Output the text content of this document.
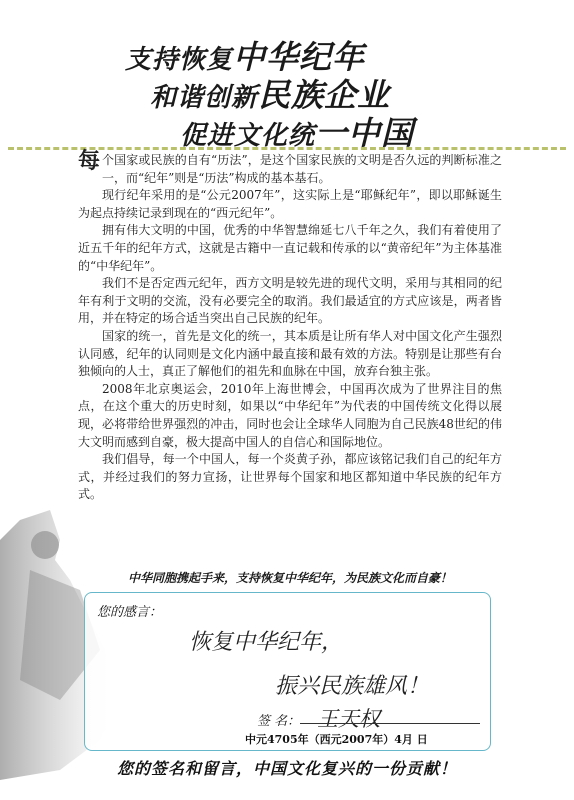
支持恢复中华纪年
和谐创新民族企业
促进文化统一中国

每个国家或民族的自有“历法”，是这个国家民族的文明是否久远的判断标准之一，而“纪年”则是“历法”构成的基本基石。

现行纪年采用的是“公元2007年”，这实际上是“耶稣纪年”，即以耶稣诞生为起点持续记录到现在的“西元纪年”。

拥有伟大文明的中国，优秀的中华智慧绵延七八千年之久，我们有着使用了近五千年的纪年方式，这就是古籍中一直记载和传承的以“黄帝纪年”为主体基准的“中华纪年”。

我们不是否定西元纪年，西方文明是较先进的现代文明，采用与其相同的纪年有利于文明的交流，没有必要完全的取消。我们最适宜的方式应该是，两者皆用，并在特定的场合适当突出自己民族的纪年。

国家的统一，首先是文化的统一，其本质是让所有华人对中国文化产生强烈认同感，纪年的认同则是文化内涵中最直接和最有效的方法。特别是让那些有台独倾向的人士，真正了解他们的祖先和血脉在中国，放弃台独主张。

2008年北京奥运会，2010年上海世博会，中国再次成为了世界注目的焦点，在这个重大的历史时刻，如果以“中华纪年”为代表的中国传统文化得以展现，必将带给世界强烈的冲击，同时也会让全球华人同胞为自己民族48世纪的伟大文明而感到自豪，极大提高中国人的自信心和国际地位。

我们倡导，每一个中国人，每一个炎黄子孙，都应该铭记我们自己的纪年方式，并经过我们的努力宣扬，让世界每个国家和地区都知道中华民族的纪年方式。

中华同胞携起手来，支持恢复中华纪年，为民族文化而自豪！
您的感言：
恢复中华纪年，
振兴民族雄风！
签 名： 王天权
中元4705年（西元2007年）4月 日
您的签名和留言，中国文化复兴的一份贡献！
